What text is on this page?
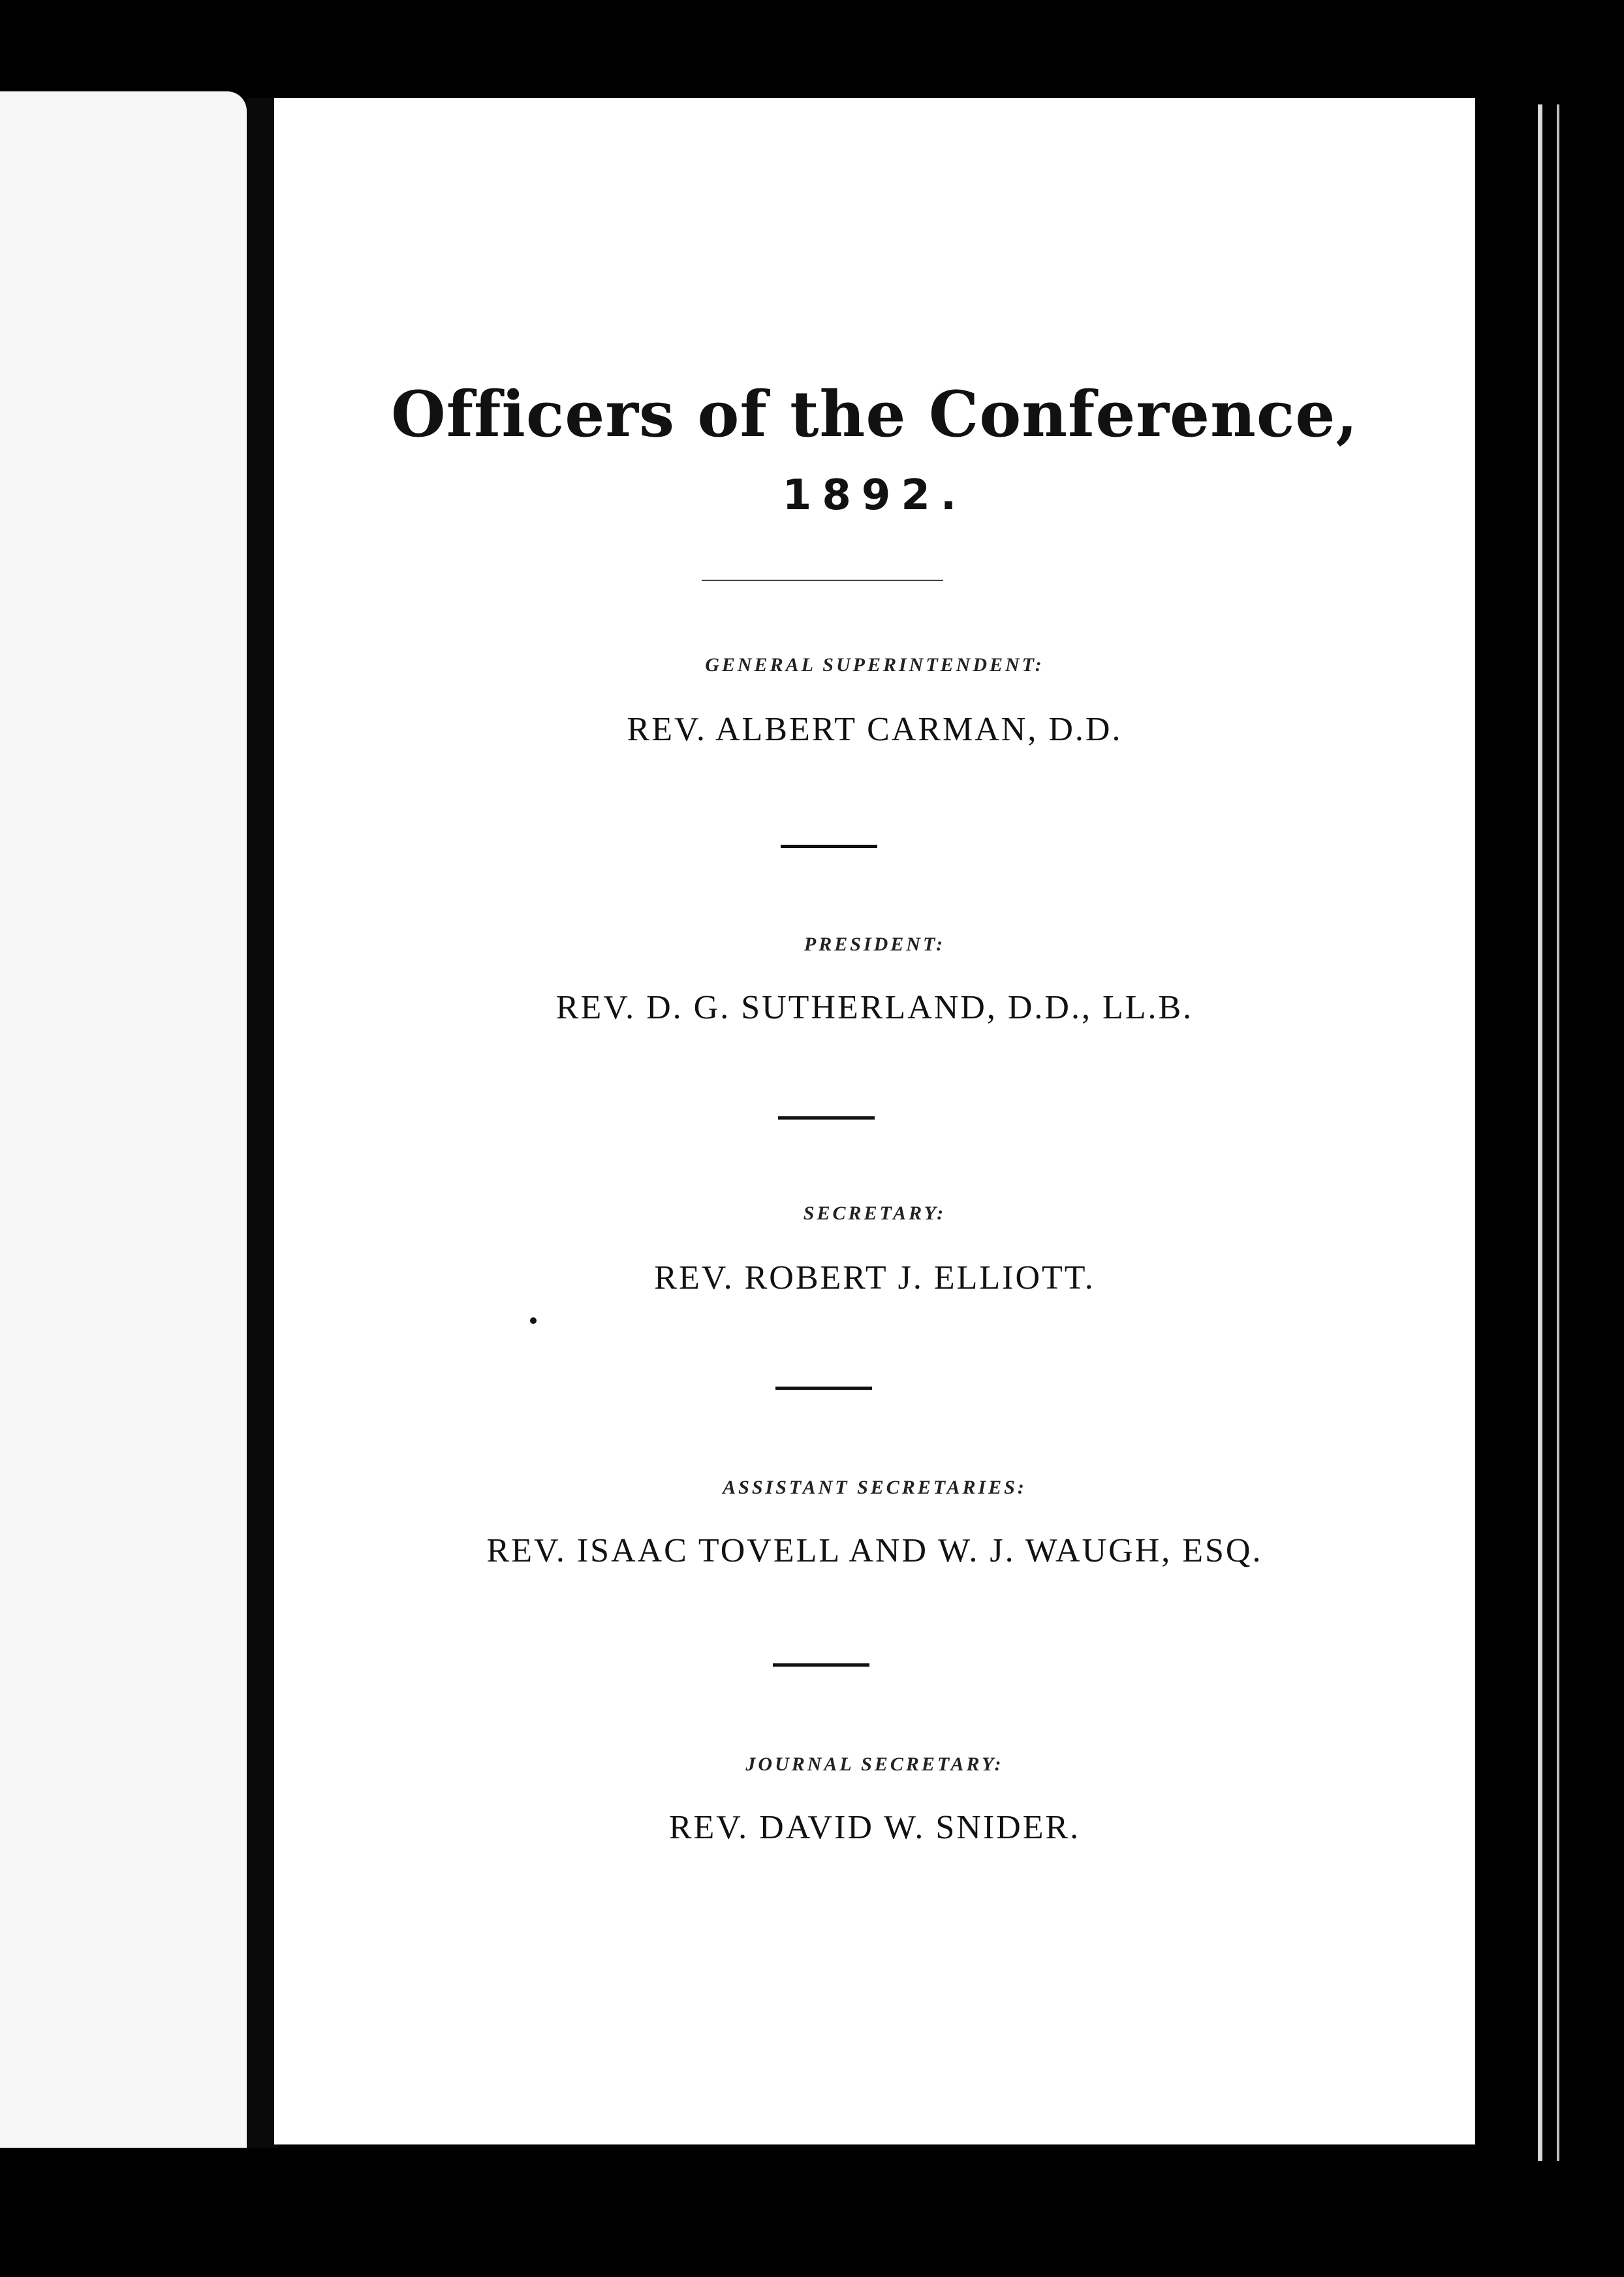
Officers of the Conference,
1892.
GENERAL SUPERINTENDENT:
REV. ALBERT CARMAN, D.D.
PRESIDENT:
REV. D. G. SUTHERLAND, D.D., LL.B.
SECRETARY:
REV. ROBERT J. ELLIOTT.
ASSISTANT SECRETARIES:
REV. ISAAC TOVELL AND W. J. WAUGH, ESQ.
JOURNAL SECRETARY:
REV. DAVID W. SNIDER.
